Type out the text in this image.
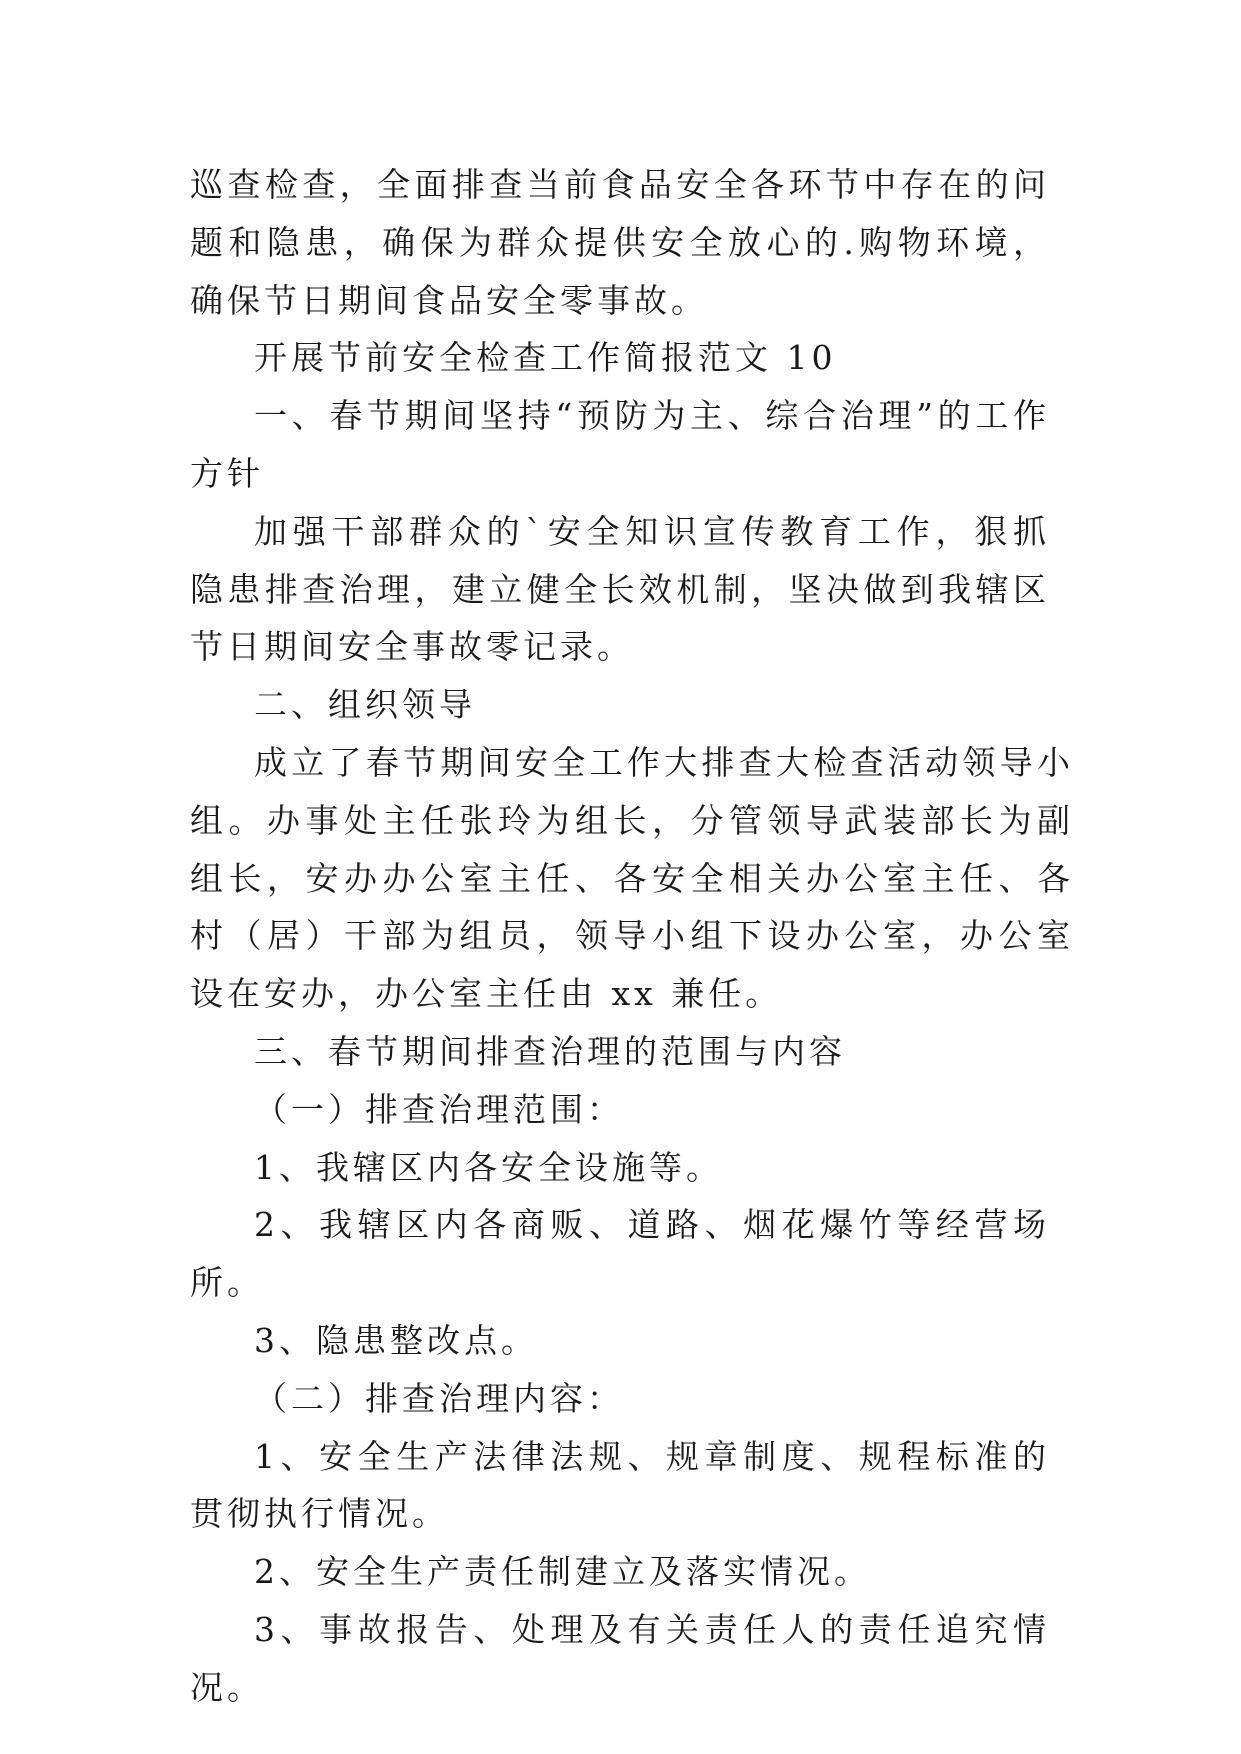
巡查检查，全面排查当前食品安全各环节中存在的问题和隐患，确保为群众提供安全放心的.购物环境，确保节日期间食品安全零事故。

开展节前安全检查工作简报范文 10

一、春节期间坚持“预防为主、综合治理”的工作方针

加强干部群众的`安全知识宣传教育工作，狠抓隐患排查治理，建立健全长效机制，坚决做到我辖区节日期间安全事故零记录。

二、组织领导

成立了春节期间安全工作大排查大检查活动领导小组。办事处主任张玲为组长，分管领导武装部长为副组长，安办办公室主任、各安全相关办公室主任、各村（居）干部为组员，领导小组下设办公室，办公室设在安办，办公室主任由 xx 兼任。

三、春节期间排查治理的范围与内容

（一）排查治理范围：

1、我辖区内各安全设施等。

2、我辖区内各商贩、道路、烟花爆竹等经营场所。

3、隐患整改点。

（二）排查治理内容：

1、安全生产法律法规、规章制度、规程标准的贯彻执行情况。

2、安全生产责任制建立及落实情况。

3、事故报告、处理及有关责任人的责任追究情况。
